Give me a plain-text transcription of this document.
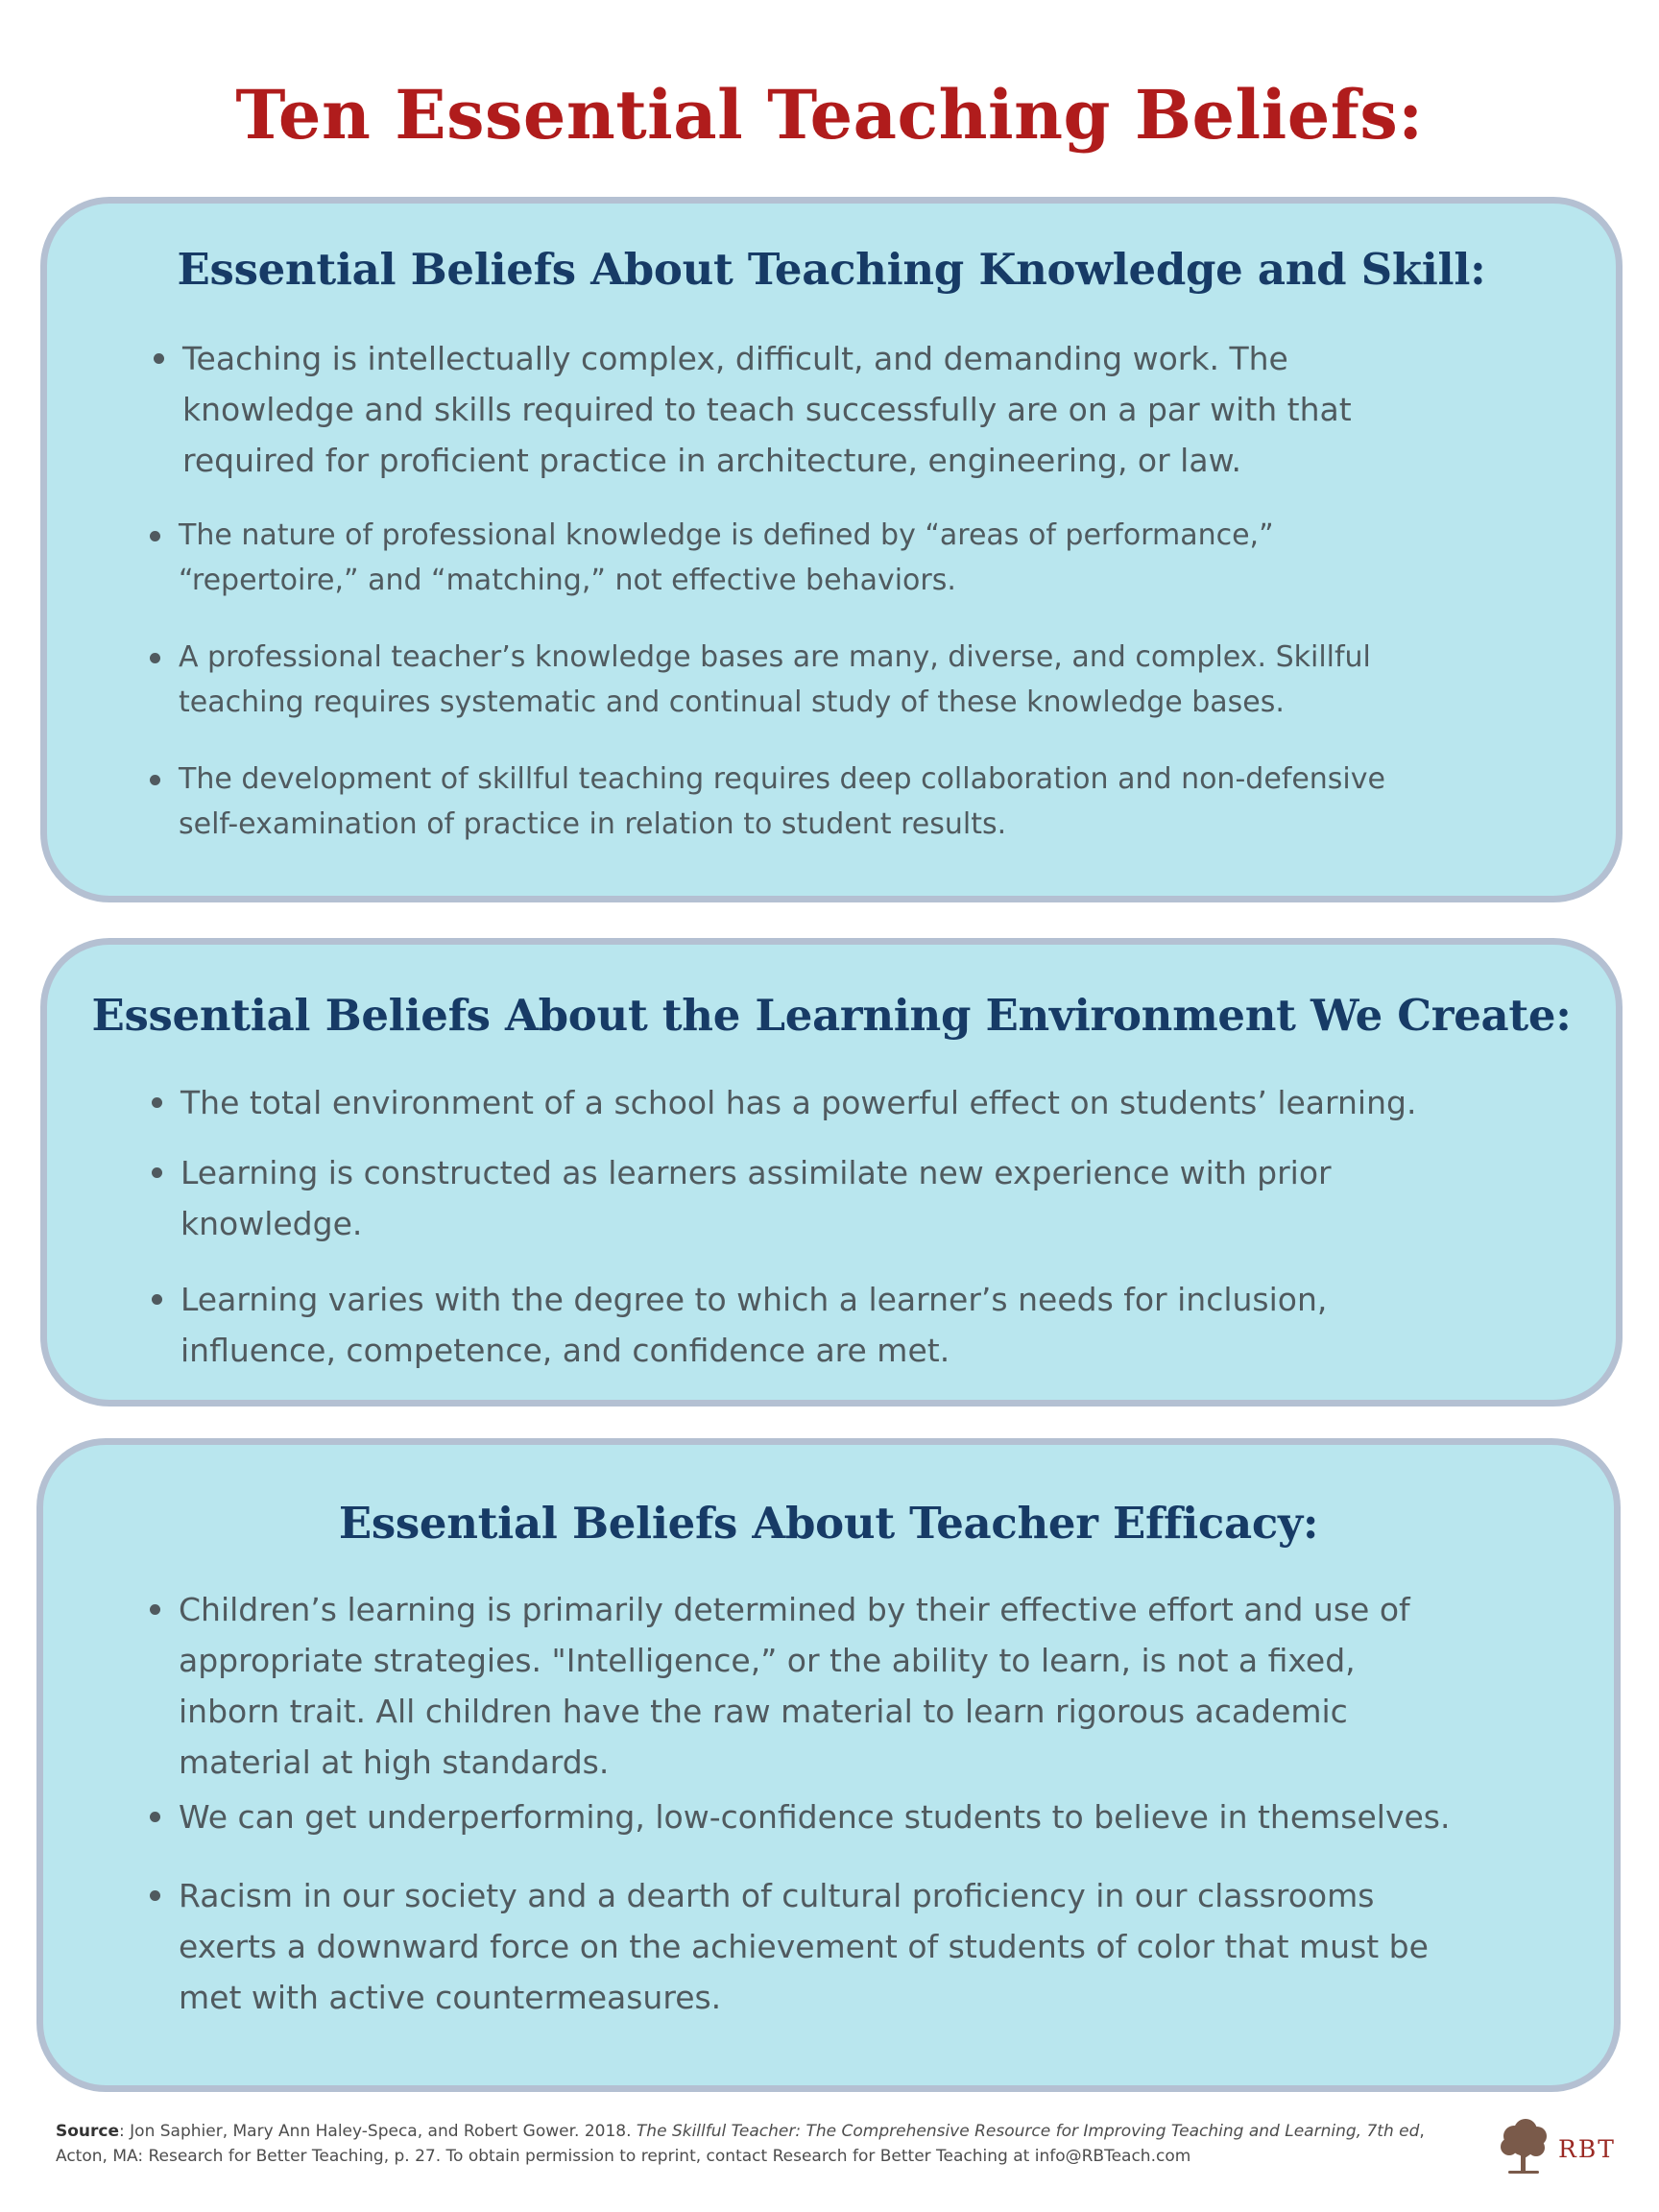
Ten Essential Teaching Beliefs:
Essential Beliefs About Teaching Knowledge and Skill:
Teaching is intellectually complex, difficult, and demanding work. The
knowledge and skills required to teach successfully are on a par with that
required for proficient practice in architecture, engineering, or law.
The nature of professional knowledge is defined by “areas of performance,”
“repertoire,” and “matching,” not effective behaviors.
A professional teacher’s knowledge bases are many, diverse, and complex. Skillful
teaching requires systematic and continual study of these knowledge bases.
The development of skillful teaching requires deep collaboration and non-defensive
self-examination of practice in relation to student results.
Essential Beliefs About the Learning Environment We Create:
The total environment of a school has a powerful effect on students’ learning.
Learning is constructed as learners assimilate new experience with prior
knowledge.
Learning varies with the degree to which a learner’s needs for inclusion,
influence, competence, and confidence are met.
Essential Beliefs About Teacher Efficacy:
Children’s learning is primarily determined by their effective effort and use of
appropriate strategies. "Intelligence,” or the ability to learn, is not a fixed,
inborn trait. All children have the raw material to learn rigorous academic
material at high standards.
We can get underperforming, low-confidence students to believe in themselves.
Racism in our society and a dearth of cultural proficiency in our classrooms
exerts a downward force on the achievement of students of color that must be
met with active countermeasures.
Source: Jon Saphier, Mary Ann Haley-Speca, and Robert Gower. 2018. The Skillful Teacher: The Comprehensive Resource for Improving Teaching and Learning, 7th ed,
Acton, MA: Research for Better Teaching, p. 27. To obtain permission to reprint, contact Research for Better Teaching at info@RBTeach.com	RBT
